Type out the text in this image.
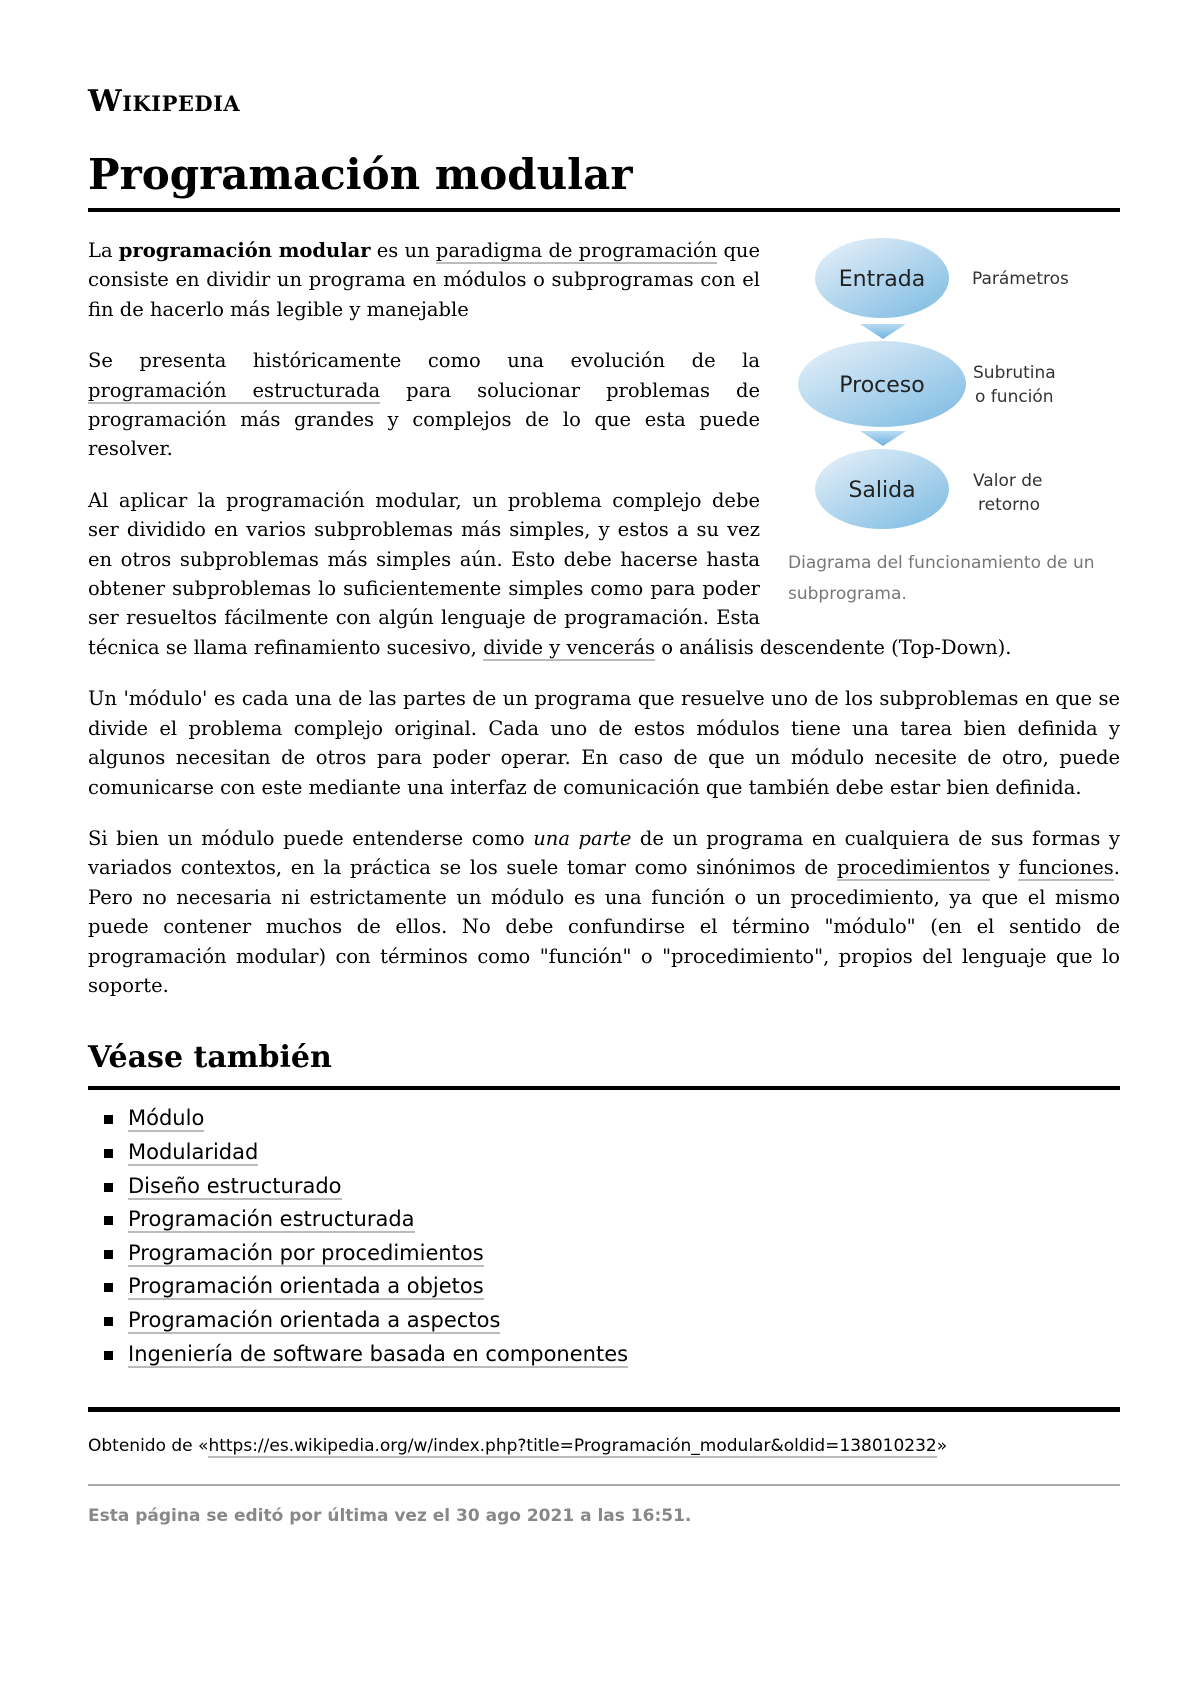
Wikipedia
Programación modular
Entrada
Proceso
Salida
Parámetros
Subrutina
o función
Valor de
retorno
Diagrama del funcionamiento de un subprograma.

La programación modular es un paradigma de programación que consiste en dividir un programa en módulos o subprogramas con el fin de hacerlo más legible y manejable

Se presenta históricamente como una evolución de la programación estructurada para solucionar problemas de programación más grandes y complejos de lo que esta puede resolver.

Al aplicar la programación modular, un problema complejo debe ser dividido en varios subproblemas más simples, y estos a su vez en otros subproblemas más simples aún. Esto debe hacerse hasta obtener subproblemas lo suficientemente simples como para poder ser resueltos fácilmente con algún lenguaje de programación. Esta técnica se llama refinamiento sucesivo, divide y vencerás o análisis descendente (Top-Down).

Un 'módulo' es cada una de las partes de un programa que resuelve uno de los subproblemas en que se divide el problema complejo original. Cada uno de estos módulos tiene una tarea bien definida y algunos necesitan de otros para poder operar. En caso de que un módulo necesite de otro, puede comunicarse con este mediante una interfaz de comunicación que también debe estar bien definida.

Si bien un módulo puede entenderse como una parte de un programa en cualquiera de sus formas y variados contextos, en la práctica se los suele tomar como sinónimos de procedimientos y funciones. Pero no necesaria ni estrictamente un módulo es una función o un procedimiento, ya que el mismo puede contener muchos de ellos. No debe confundirse el término "módulo" (en el sentido de programación modular) con términos como "función" o "procedimiento", propios del lenguaje que lo soporte.

Véase también
Módulo
Modularidad
Diseño estructurado
Programación estructurada
Programación por procedimientos
Programación orientada a objetos
Programación orientada a aspectos
Ingeniería de software basada en componentes
Obtenido de «https://es.wikipedia.org/w/index.php?title=Programación_modular&oldid=138010232»
Esta página se editó por última vez el 30 ago 2021 a las 16:51.
